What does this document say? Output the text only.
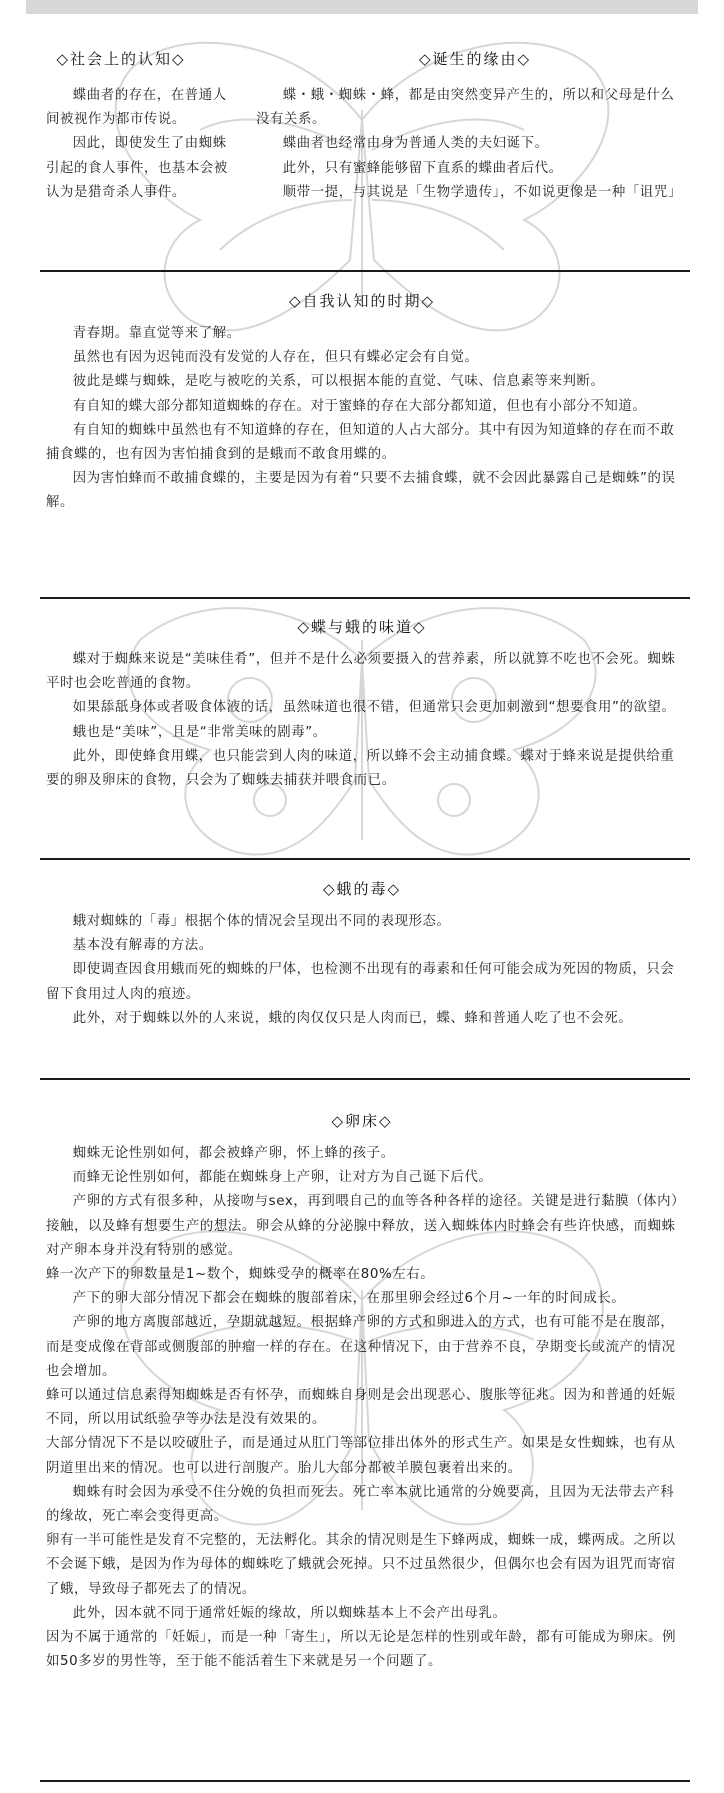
◇社会上的认知◇

蝶曲者的存在，在普通人间被视作为都市传说。

因此，即使发生了由蜘蛛引起的食人事件，也基本会被认为是猎奇杀人事件。

◇诞生的缘由◇

蝶・蛾・蜘蛛・蜂，都是由突然变异产生的，所以和父母是什么没有关系。

蝶曲者也经常由身为普通人类的夫妇诞下。

此外，只有蜜蜂能够留下直系的蝶曲者后代。

顺带一提，与其说是「生物学遗传」，不如说更像是一种「诅咒」

◇自我认知的时期◇

青春期。靠直觉等来了解。

虽然也有因为迟钝而没有发觉的人存在，但只有蝶必定会有自觉。

彼此是蝶与蜘蛛，是吃与被吃的关系，可以根据本能的直觉、气味、信息素等来判断。

有自知的蝶大部分都知道蜘蛛的存在。对于蜜蜂的存在大部分都知道，但也有小部分不知道。

有自知的蜘蛛中虽然也有不知道蜂的存在，但知道的人占大部分。其中有因为知道蜂的存在而不敢捕食蝶的，也有因为害怕捕食到的是蛾而不敢食用蝶的。

因为害怕蜂而不敢捕食蝶的，主要是因为有着“只要不去捕食蝶，就不会因此暴露自己是蜘蛛”的误解。

◇蝶与蛾的味道◇

蝶对于蜘蛛来说是“美味佳肴”，但并不是什么必须要摄入的营养素，所以就算不吃也不会死。蜘蛛平时也会吃普通的食物。

如果舔舐身体或者吸食体液的话，虽然味道也很不错，但通常只会更加刺激到“想要食用”的欲望。

蛾也是“美味”，且是“非常美味的剧毒”。

此外，即使蜂食用蝶，也只能尝到人肉的味道，所以蜂不会主动捕食蝶。蝶对于蜂来说是提供给重要的卵及卵床的食物，只会为了蜘蛛去捕获并喂食而已。

◇蛾的毒◇

蛾对蜘蛛的「毒」根据个体的情况会呈现出不同的表现形态。

基本没有解毒的方法。

即使调查因食用蛾而死的蜘蛛的尸体，也检测不出现有的毒素和任何可能会成为死因的物质，只会留下食用过人肉的痕迹。

此外，对于蜘蛛以外的人来说，蛾的肉仅仅只是人肉而已，蝶、蜂和普通人吃了也不会死。

◇卵床◇

蜘蛛无论性别如何，都会被蜂产卵，怀上蜂的孩子。

而蜂无论性别如何，都能在蜘蛛身上产卵，让对方为自己诞下后代。

产卵的方式有很多种，从接吻与sex，再到喂自己的血等各种各样的途径。关键是进行黏膜（体内）接触，以及蜂有想要生产的想法。卵会从蜂的分泌腺中释放，送入蜘蛛体内时蜂会有些许快感，而蜘蛛对产卵本身并没有特别的感觉。

蜂一次产下的卵数量是1~数个，蜘蛛受孕的概率在80%左右。

产下的卵大部分情况下都会在蜘蛛的腹部着床，在那里卵会经过6个月~一年的时间成长。

产卵的地方离腹部越近，孕期就越短。根据蜂产卵的方式和卵进入的方式，也有可能不是在腹部，而是变成像在背部或侧腹部的肿瘤一样的存在。在这种情况下，由于营养不良，孕期变长或流产的情况也会增加。

蜂可以通过信息素得知蜘蛛是否有怀孕，而蜘蛛自身则是会出现恶心、腹胀等征兆。因为和普通的妊娠不同，所以用试纸验孕等办法是没有效果的。

大部分情况下不是以咬破肚子，而是通过从肛门等部位排出体外的形式生产。如果是女性蜘蛛，也有从阴道里出来的情况。也可以进行剖腹产。胎儿大部分都被羊膜包裹着出来的。

蜘蛛有时会因为承受不住分娩的负担而死去。死亡率本就比通常的分娩要高，且因为无法带去产科的缘故，死亡率会变得更高。

卵有一半可能性是发育不完整的，无法孵化。其余的情况则是生下蜂两成，蜘蛛一成，蝶两成。之所以不会诞下蛾，是因为作为母体的蜘蛛吃了蛾就会死掉。只不过虽然很少，但偶尔也会有因为诅咒而寄宿了蛾，导致母子都死去了的情况。

此外，因本就不同于通常妊娠的缘故，所以蜘蛛基本上不会产出母乳。

因为不属于通常的「妊娠」，而是一种「寄生」，所以无论是怎样的性别或年龄，都有可能成为卵床。例如50多岁的男性等，至于能不能活着生下来就是另一个问题了。
